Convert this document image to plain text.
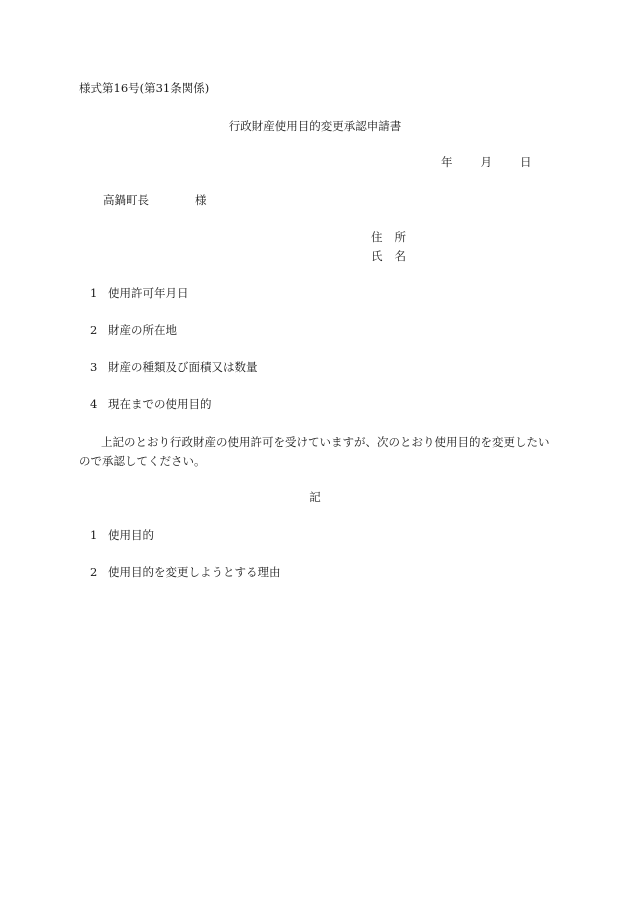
様式第16号(第31条関係)
行政財産使用目的変更承認申請書
年 月 日
高鍋町長	様
住 所
氏 名
1 使用許可年月日
2 財産の所在地
3 財産の種類及び面積又は数量
4 現在までの使用目的
上記のとおり行政財産の使用許可を受けていますが、次のとおり使用目的を変更したいので承認してください。
記
1 使用目的
2 使用目的を変更しようとする理由
